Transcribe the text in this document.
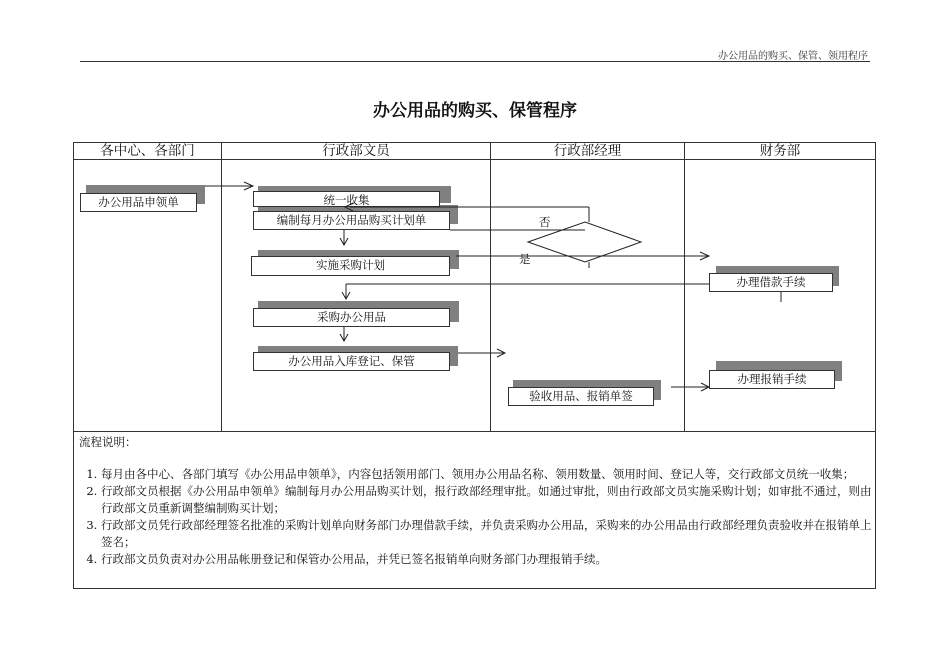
办公用品的购买、保管、领用程序
办公用品的购买、保管程序
各中心、各部门	行政部文员	行政部经理	财务部
办公用品申领单	统一收集
编制每月办公用品购买计划单
实施采购计划
采购办公用品
办公用品入库登记、保管
验收用品、报销单签
办理借款手续
办理报销手续
否
是
流程说明：
1. 每月由各中心、各部门填写《办公用品申领单》，内容包括领用部门、领用办公用品名称、领用数量、领用时间、登记人等，交行政部文员统一收集；
2. 行政部文员根据《办公用品申领单》编制每月办公用品购买计划，报行政部经理审批。如通过审批，则由行政部文员实施采购计划；如审批不通过，则由行政部文员重新调整编制购买计划；
3. 行政部文员凭行政部经理签名批准的采购计划单向财务部门办理借款手续，并负责采购办公用品，采购来的办公用品由行政部经理负责验收并在报销单上签名；
4. 行政部文员负责对办公用品帐册登记和保管办公用品，并凭已签名报销单向财务部门办理报销手续。
